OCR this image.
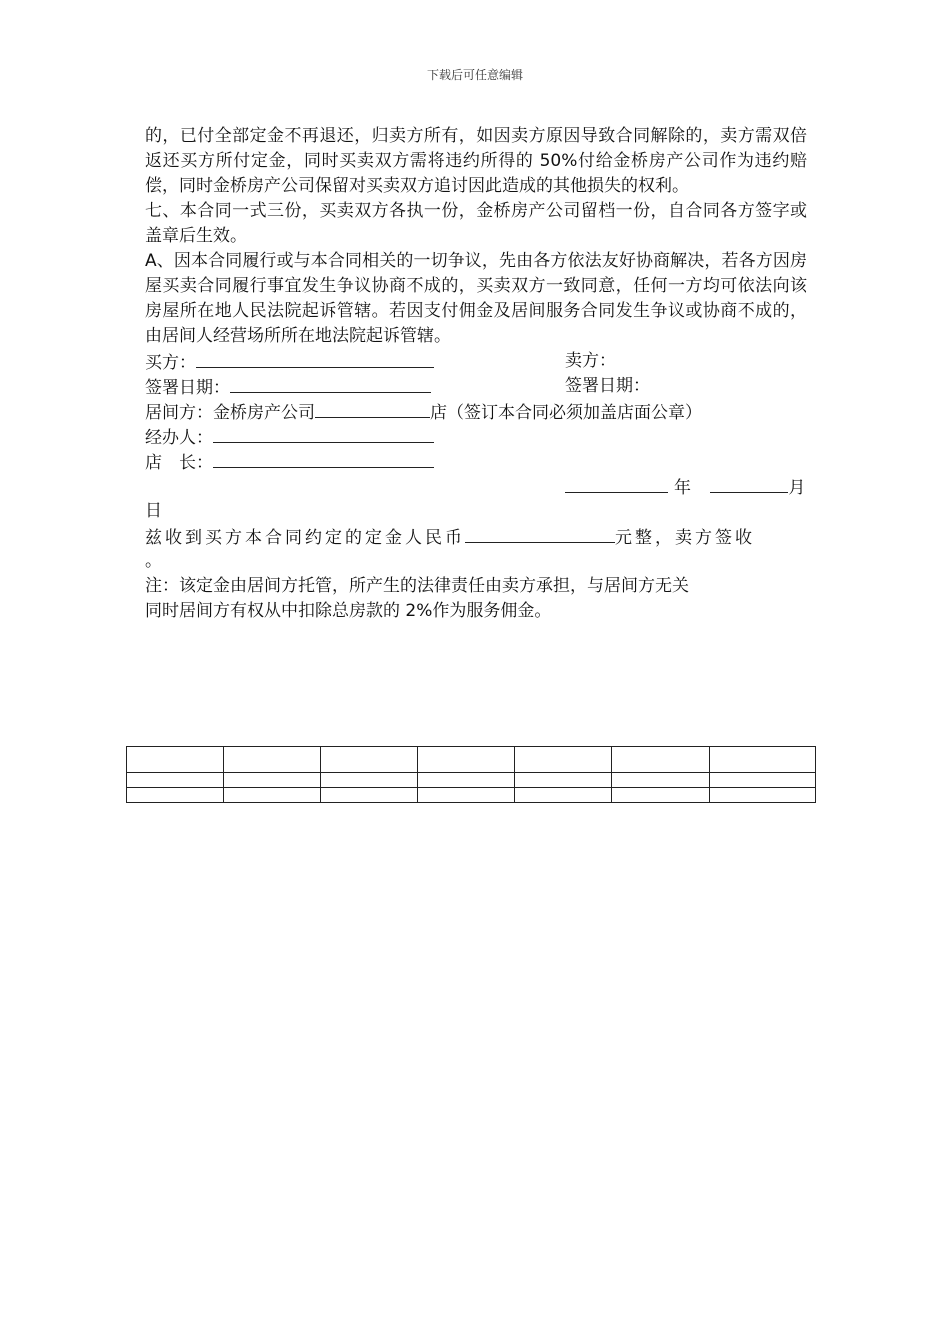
下载后可任意编辑

的，已付全部定金不再退还，归卖方所有，如因卖方原因导致合同解除的，卖方需双倍返还买方所付定金，同时买卖双方需将违约所得的 50%付给金桥房产公司作为违约赔偿，同时金桥房产公司保留对买卖双方追讨因此造成的其他损失的权利。

七、本合同一式三份，买卖双方各执一份，金桥房产公司留档一份，自合同各方签字或盖章后生效。

A、因本合同履行或与本合同相关的一切争议，先由各方依法友好协商解决，若各方因房屋买卖合同履行事宜发生争议协商不成的，买卖双方一致同意，任何一方均可依法向该房屋所在地人民法院起诉管辖。若因支付佣金及居间服务合同发生争议或协商不成的，由居间人经营场所所在地法院起诉管辖。

买方：	卖方：
签署日期：	签署日期：
居间方：金桥房产公司	店（签订本合同必须加盖店面公章）
经办人：
店　长：
年	月
日
兹收到买方本合同约定的定金人民币	元整，卖方签收
。
注：该定金由居间方托管，所产生的法律责任由卖方承担，与居间方无关
同时居间方有权从中扣除总房款的 2%作为服务佣金。
